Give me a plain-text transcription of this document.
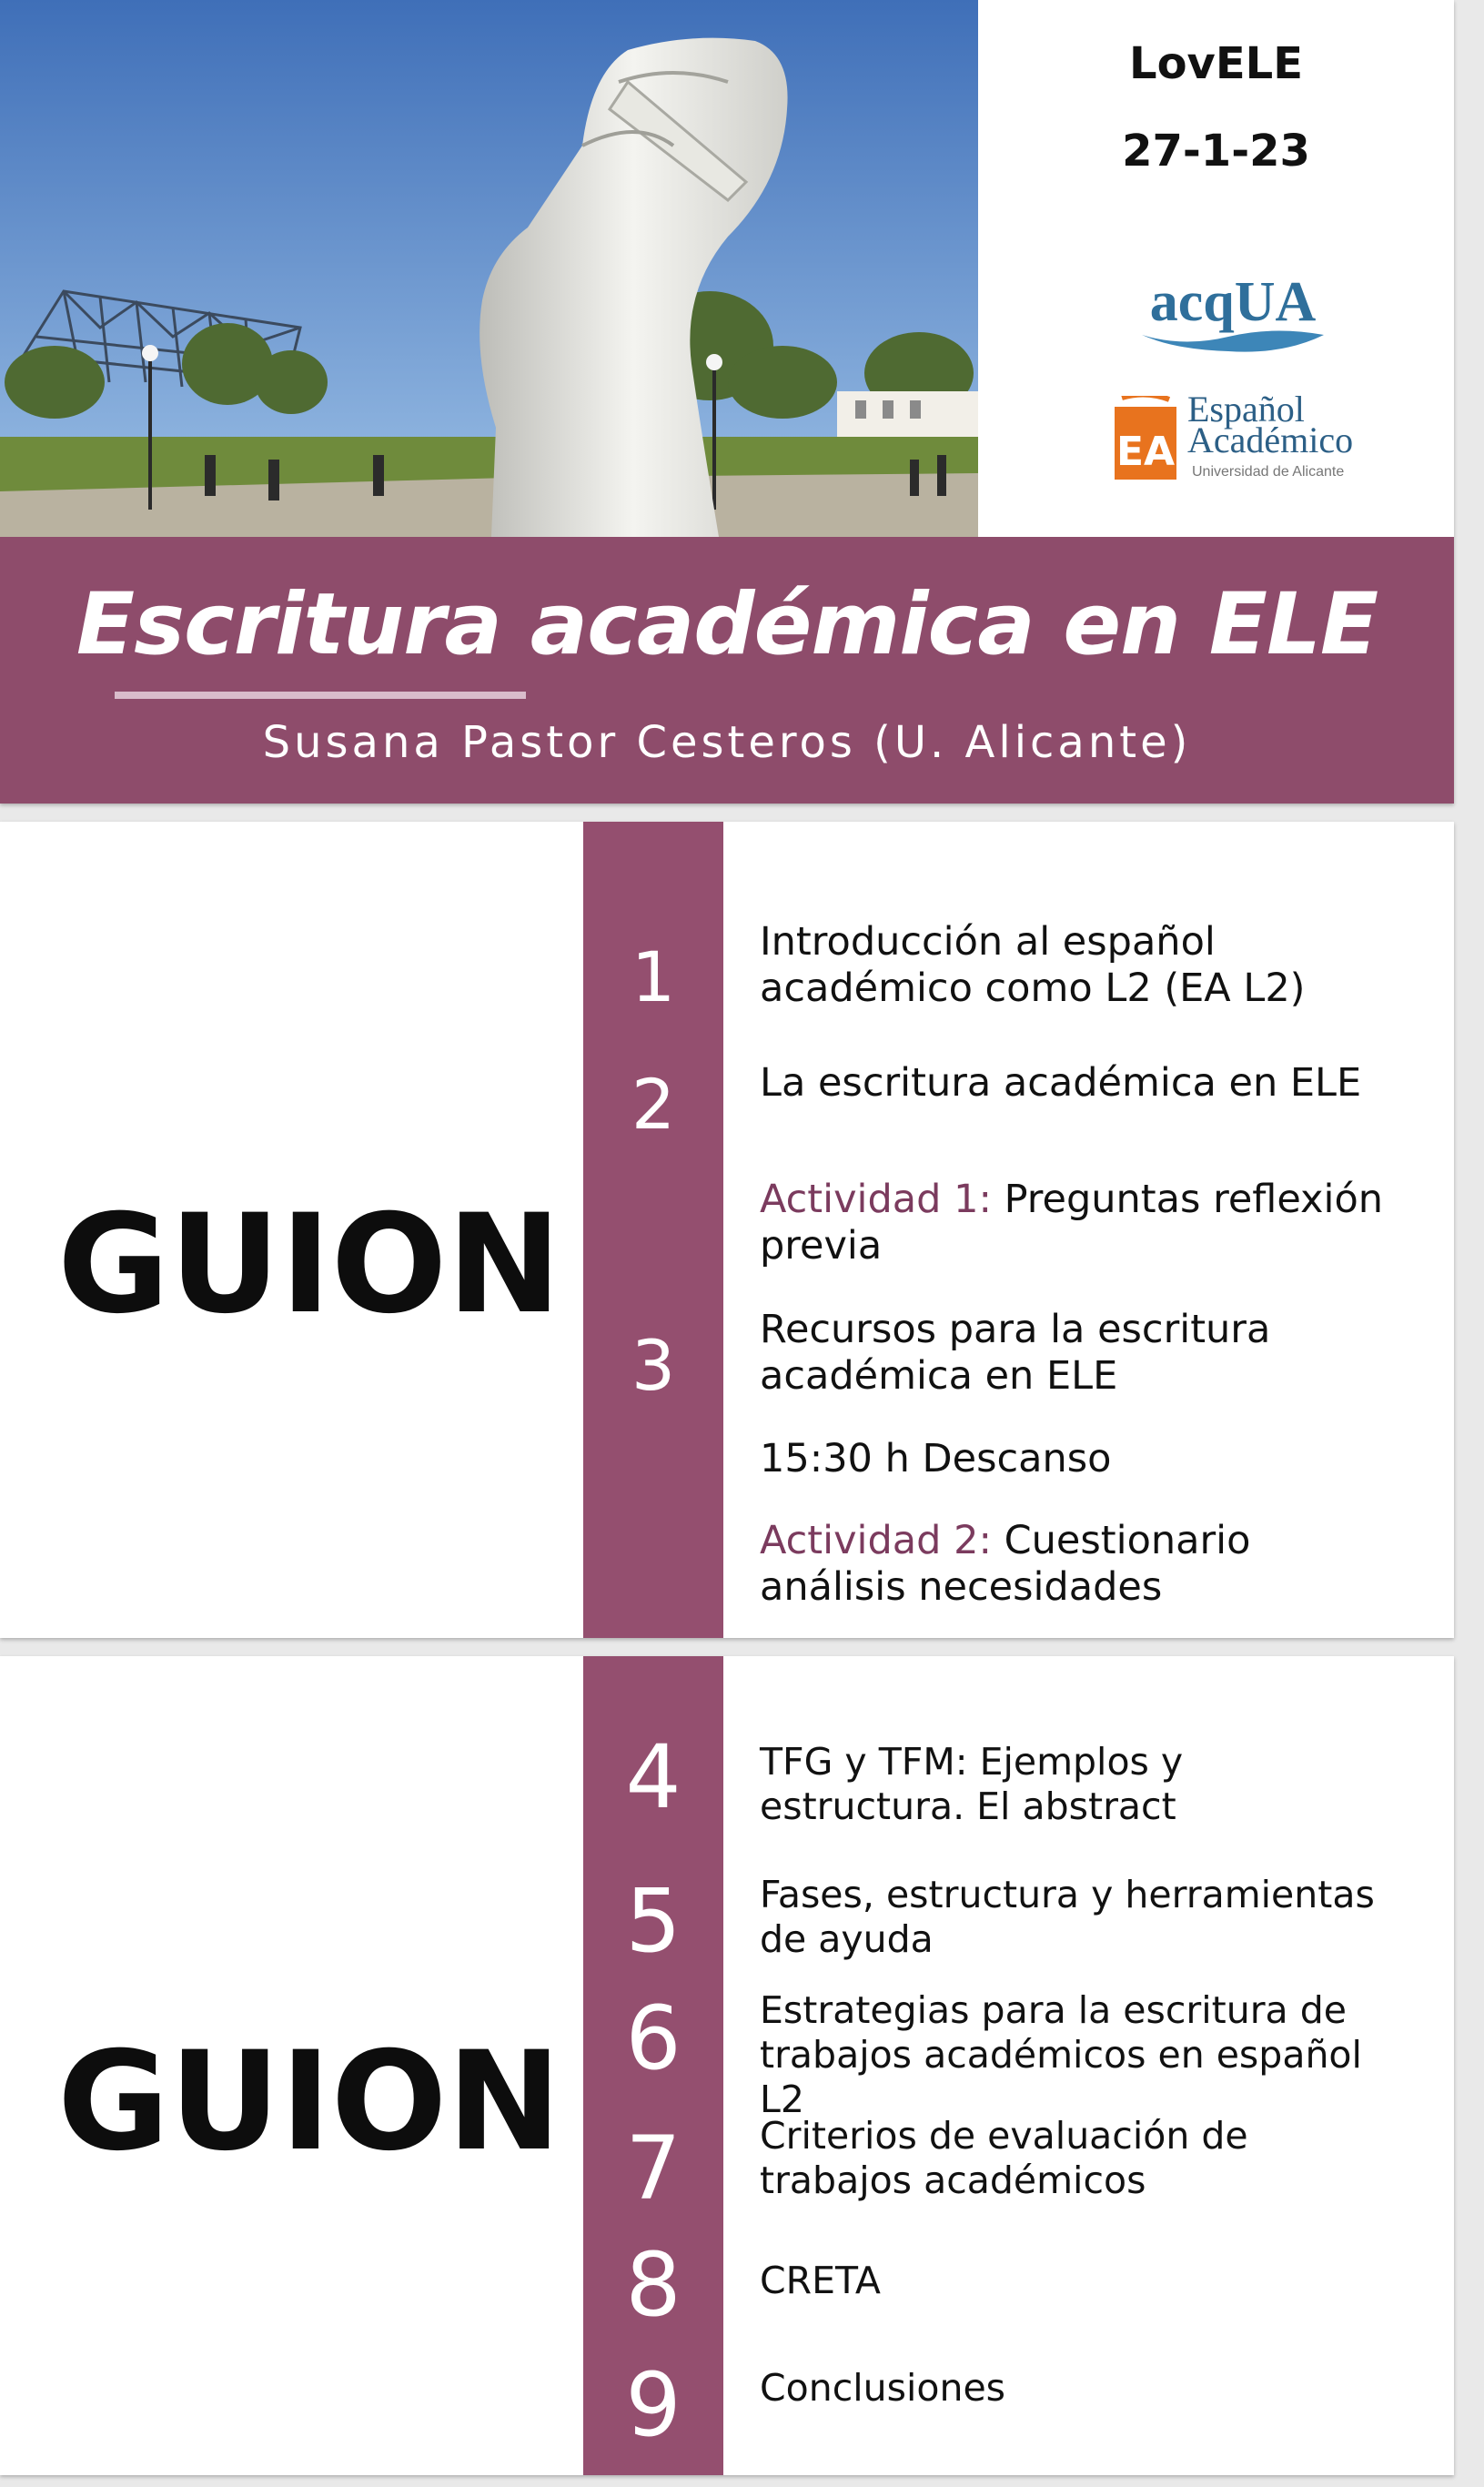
LovELE
27-1-23
acqUA
EA
Español
Académico
Universidad de Alicante
Escritura académica en ELE
Susana Pastor Cesteros (U. Alicante)
GUION
1
2
3
Introducción al español académico como L2 (EA L2)
La escritura académica en ELE
Actividad 1: Preguntas reflexión previa
Recursos para la escritura académica en ELE
15:30 h Descanso
Actividad 2: Cuestionario análisis necesidades
GUION
4
5
6
7
8
9
TFG y TFM: Ejemplos y estructura. El abstract
Fases, estructura y herramientas de ayuda
Estrategias para la escritura de trabajos académicos en español L2
Criterios de evaluación de trabajos académicos
CRETA
Conclusiones
